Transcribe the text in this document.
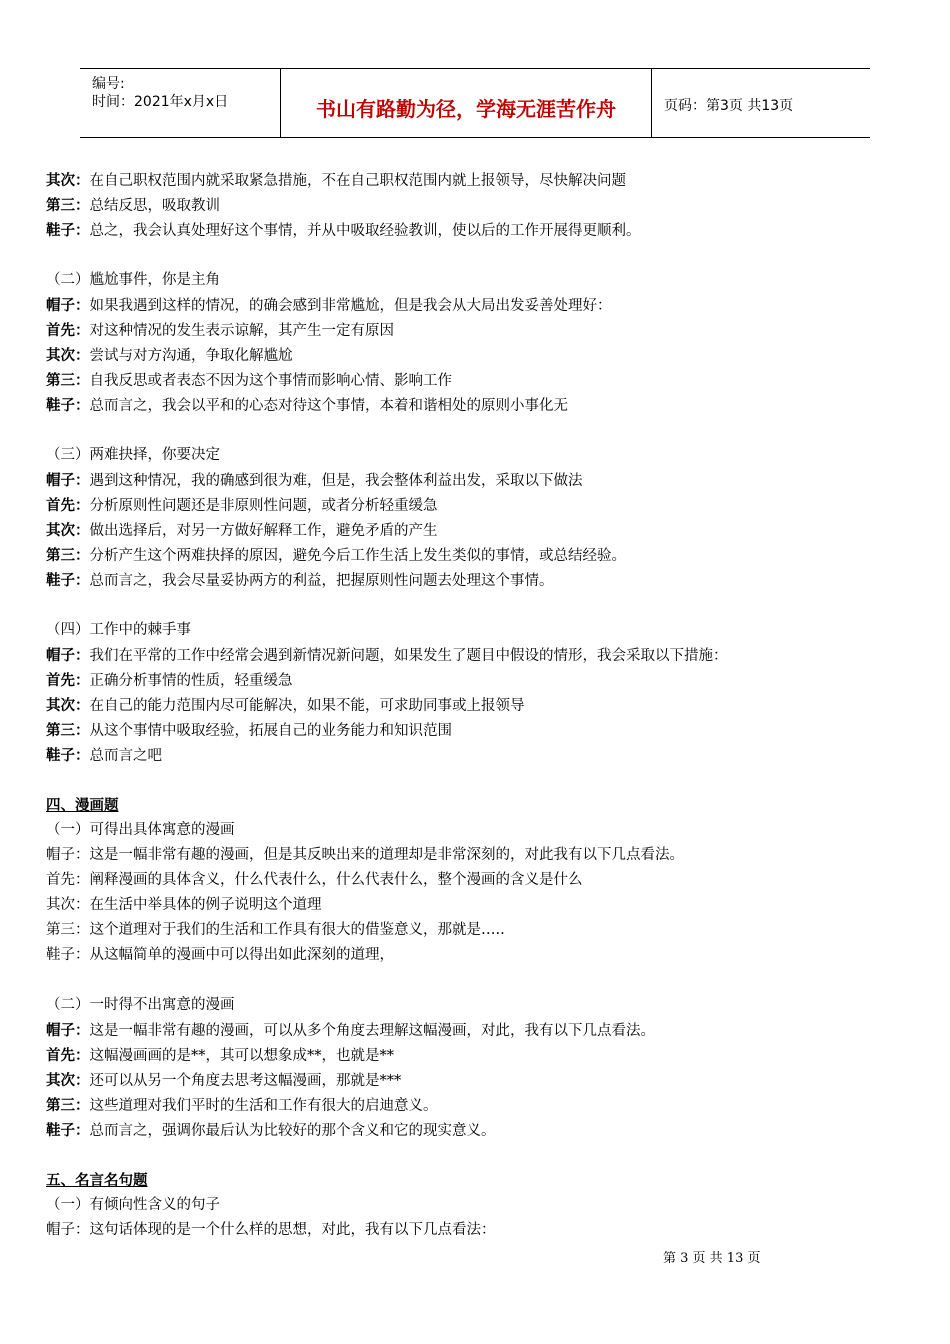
编号:
时间：2021年x月x日	书山有路勤为径，学海无涯苦作舟	页码：第3页 共13页
其次：在自己职权范围内就采取紧急措施，不在自己职权范围内就上报领导，尽快解决问题
第三：总结反思，吸取教训
鞋子：总之，我会认真处理好这个事情，并从中吸取经验教训，使以后的工作开展得更顺利。
（二）尴尬事件，你是主角
帽子：如果我遇到这样的情况，的确会感到非常尴尬，但是我会从大局出发妥善处理好：
首先：对这种情况的发生表示谅解，其产生一定有原因
其次：尝试与对方沟通，争取化解尴尬
第三：自我反思或者表态不因为这个事情而影响心情、影响工作
鞋子：总而言之，我会以平和的心态对待这个事情，本着和谐相处的原则小事化无
（三）两难抉择，你要决定
帽子：遇到这种情况，我的确感到很为难，但是，我会整体利益出发，采取以下做法
首先：分析原则性问题还是非原则性问题，或者分析轻重缓急
其次：做出选择后，对另一方做好解释工作，避免矛盾的产生
第三：分析产生这个两难抉择的原因，避免今后工作生活上发生类似的事情，或总结经验。
鞋子：总而言之，我会尽量妥协两方的利益，把握原则性问题去处理这个事情。
（四）工作中的棘手事
帽子：我们在平常的工作中经常会遇到新情况新问题，如果发生了题目中假设的情形，我会采取以下措施：
首先：正确分析事情的性质，轻重缓急
其次：在自己的能力范围内尽可能解决，如果不能，可求助同事或上报领导
第三：从这个事情中吸取经验，拓展自己的业务能力和知识范围
鞋子：总而言之吧
四、漫画题
（一）可得出具体寓意的漫画
帽子：这是一幅非常有趣的漫画，但是其反映出来的道理却是非常深刻的，对此我有以下几点看法。
首先：阐释漫画的具体含义，什么代表什么，什么代表什么，整个漫画的含义是什么
其次：在生活中举具体的例子说明这个道理
第三：这个道理对于我们的生活和工作具有很大的借鉴意义，那就是…..
鞋子：从这幅简单的漫画中可以得出如此深刻的道理，
（二）一时得不出寓意的漫画
帽子：这是一幅非常有趣的漫画，可以从多个角度去理解这幅漫画，对此，我有以下几点看法。
首先：这幅漫画画的是**，其可以想象成**，也就是**
其次：还可以从另一个角度去思考这幅漫画，那就是***
第三：这些道理对我们平时的生活和工作有很大的启迪意义。
鞋子：总而言之，强调你最后认为比较好的那个含义和它的现实意义。
五、名言名句题
（一）有倾向性含义的句子
帽子：这句话体现的是一个什么样的思想，对此，我有以下几点看法：
第 3 页 共 13 页
